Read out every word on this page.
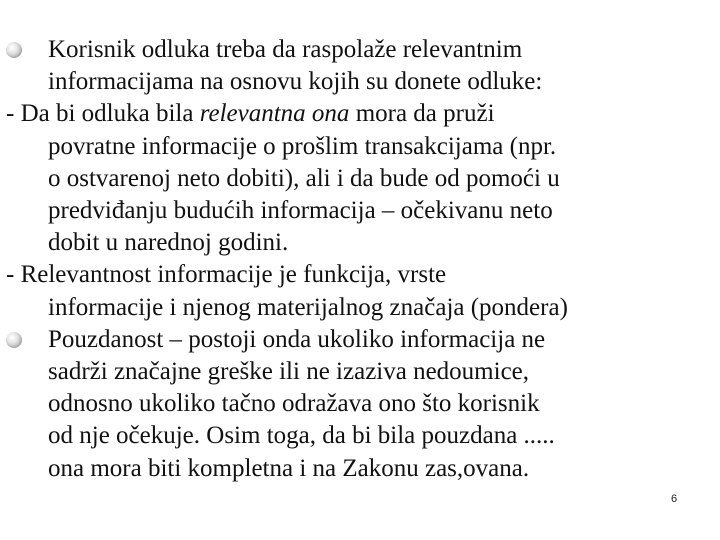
Korisnik odluka treba da raspolaže relevantnim
informacijama na osnovu kojih su donete odluke:
- Da bi odluka bila relevantna ona mora da pruži
povratne informacije o prošlim transakcijama (npr.
o ostvarenoj neto dobiti), ali i da bude od pomoći u
predviđanju budućih informacija – očekivanu neto
dobit u narednoj godini.
- Relevantnost informacije je funkcija, vrste
informacije i njenog materijalnog značaja (pondera)
Pouzdanost – postoji onda ukoliko informacija ne
sadrži značajne greške ili ne izaziva nedoumice,
odnosno ukoliko tačno odražava ono što korisnik
od nje očekuje. Osim toga, da bi bila pouzdana .....
ona mora biti kompletna i na Zakonu zas,ovana.
6
